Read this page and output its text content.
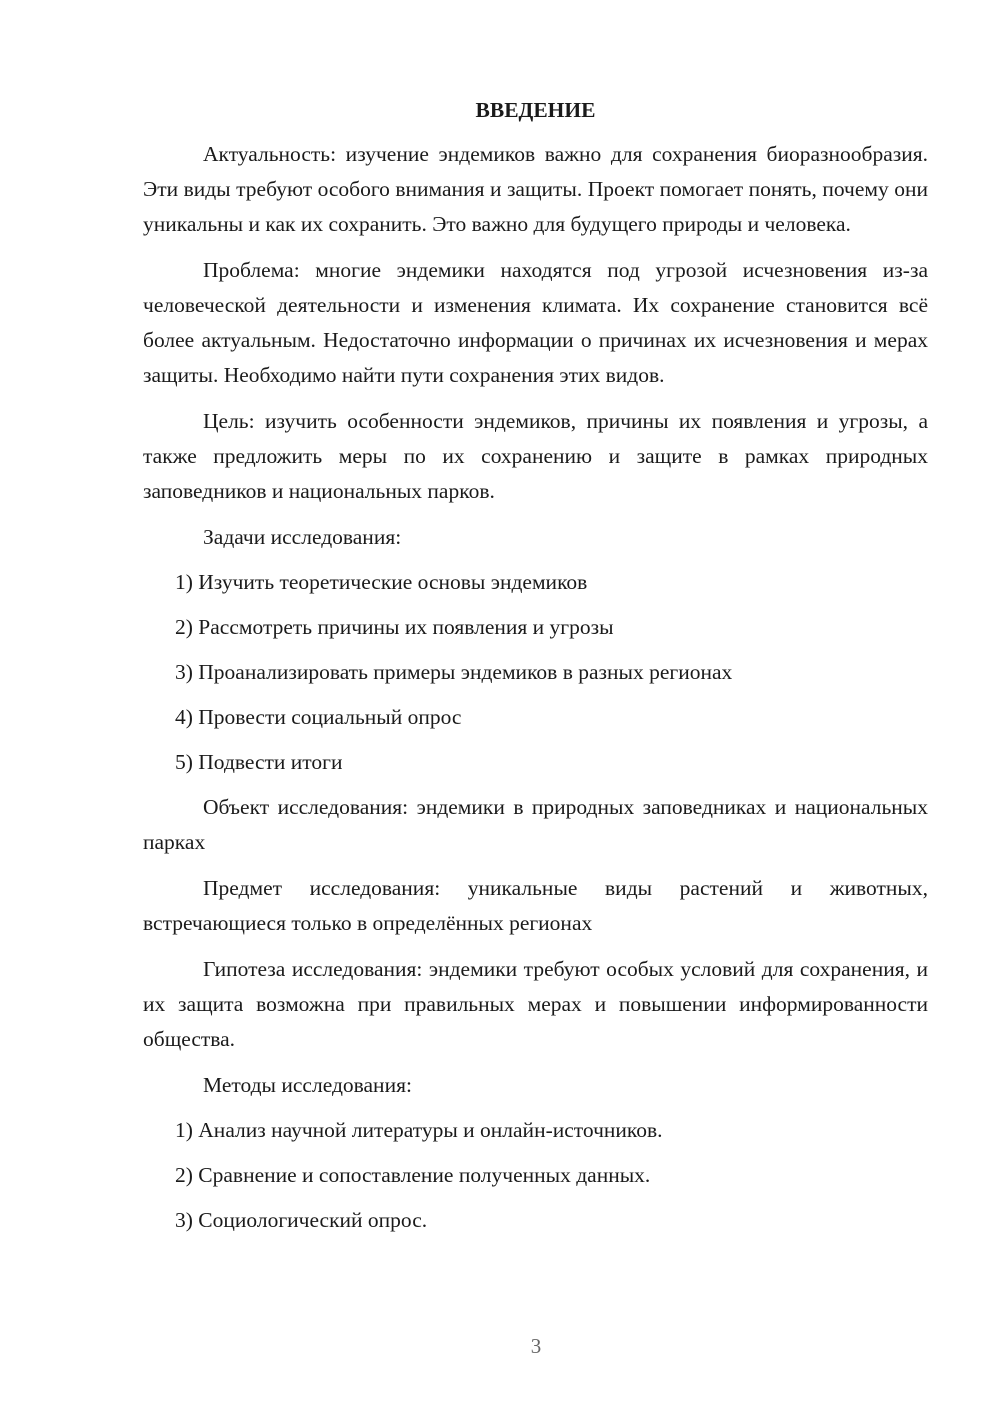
ВВЕДЕНИЕ

Актуальность: изучение эндемиков важно для сохранения биоразнообразия. Эти виды требуют особого внимания и защиты. Проект помогает понять, почему они уникальны и как их сохранить. Это важно для будущего природы и человека.

Проблема: многие эндемики находятся под угрозой исчезновения из-за человеческой деятельности и изменения климата. Их сохранение становится всё более актуальным. Недостаточно информации о причинах их исчезновения и мерах защиты. Необходимо найти пути сохранения этих видов.

Цель: изучить особенности эндемиков, причины их появления и угрозы, а также предложить меры по их сохранению и защите в рамках природных заповедников и национальных парков.

Задачи исследования:

1) Изучить теоретические основы эндемиков

2) Рассмотреть причины их появления и угрозы

3) Проанализировать примеры эндемиков в разных регионах

4) Провести социальный опрос

5) Подвести итоги

Объект исследования: эндемики в природных заповедниках и национальных парках

Предмет исследования: уникальные виды растений и животных, встречающиеся только в определённых регионах

Гипотеза исследования: эндемики требуют особых условий для сохранения, и их защита возможна при правильных мерах и повышении информированности общества.

Методы исследования:

1) Анализ научной литературы и онлайн-источников.

2) Сравнение и сопоставление полученных данных.

3) Социологический опрос.

3
